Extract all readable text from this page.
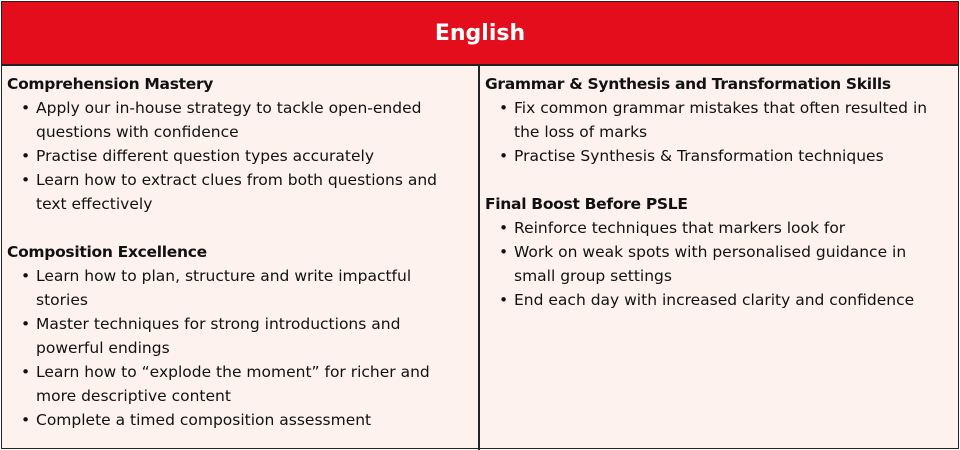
English
Comprehension Mastery
• Apply our in-house strategy to tackle open-ended questions with confidence
• Practise different question types accurately
• Learn how to extract clues from both questions and text effectively
Composition Excellence
• Learn how to plan, structure and write impactful stories
• Master techniques for strong introductions and powerful endings
• Learn how to “explode the moment” for richer and more descriptive content
• Complete a timed composition assessment
Grammar & Synthesis and Transformation Skills
• Fix common grammar mistakes that often resulted in the loss of marks
• Practise Synthesis & Transformation techniques
Final Boost Before PSLE
• Reinforce techniques that markers look for
• Work on weak spots with personalised guidance in small group settings
• End each day with increased clarity and confidence
